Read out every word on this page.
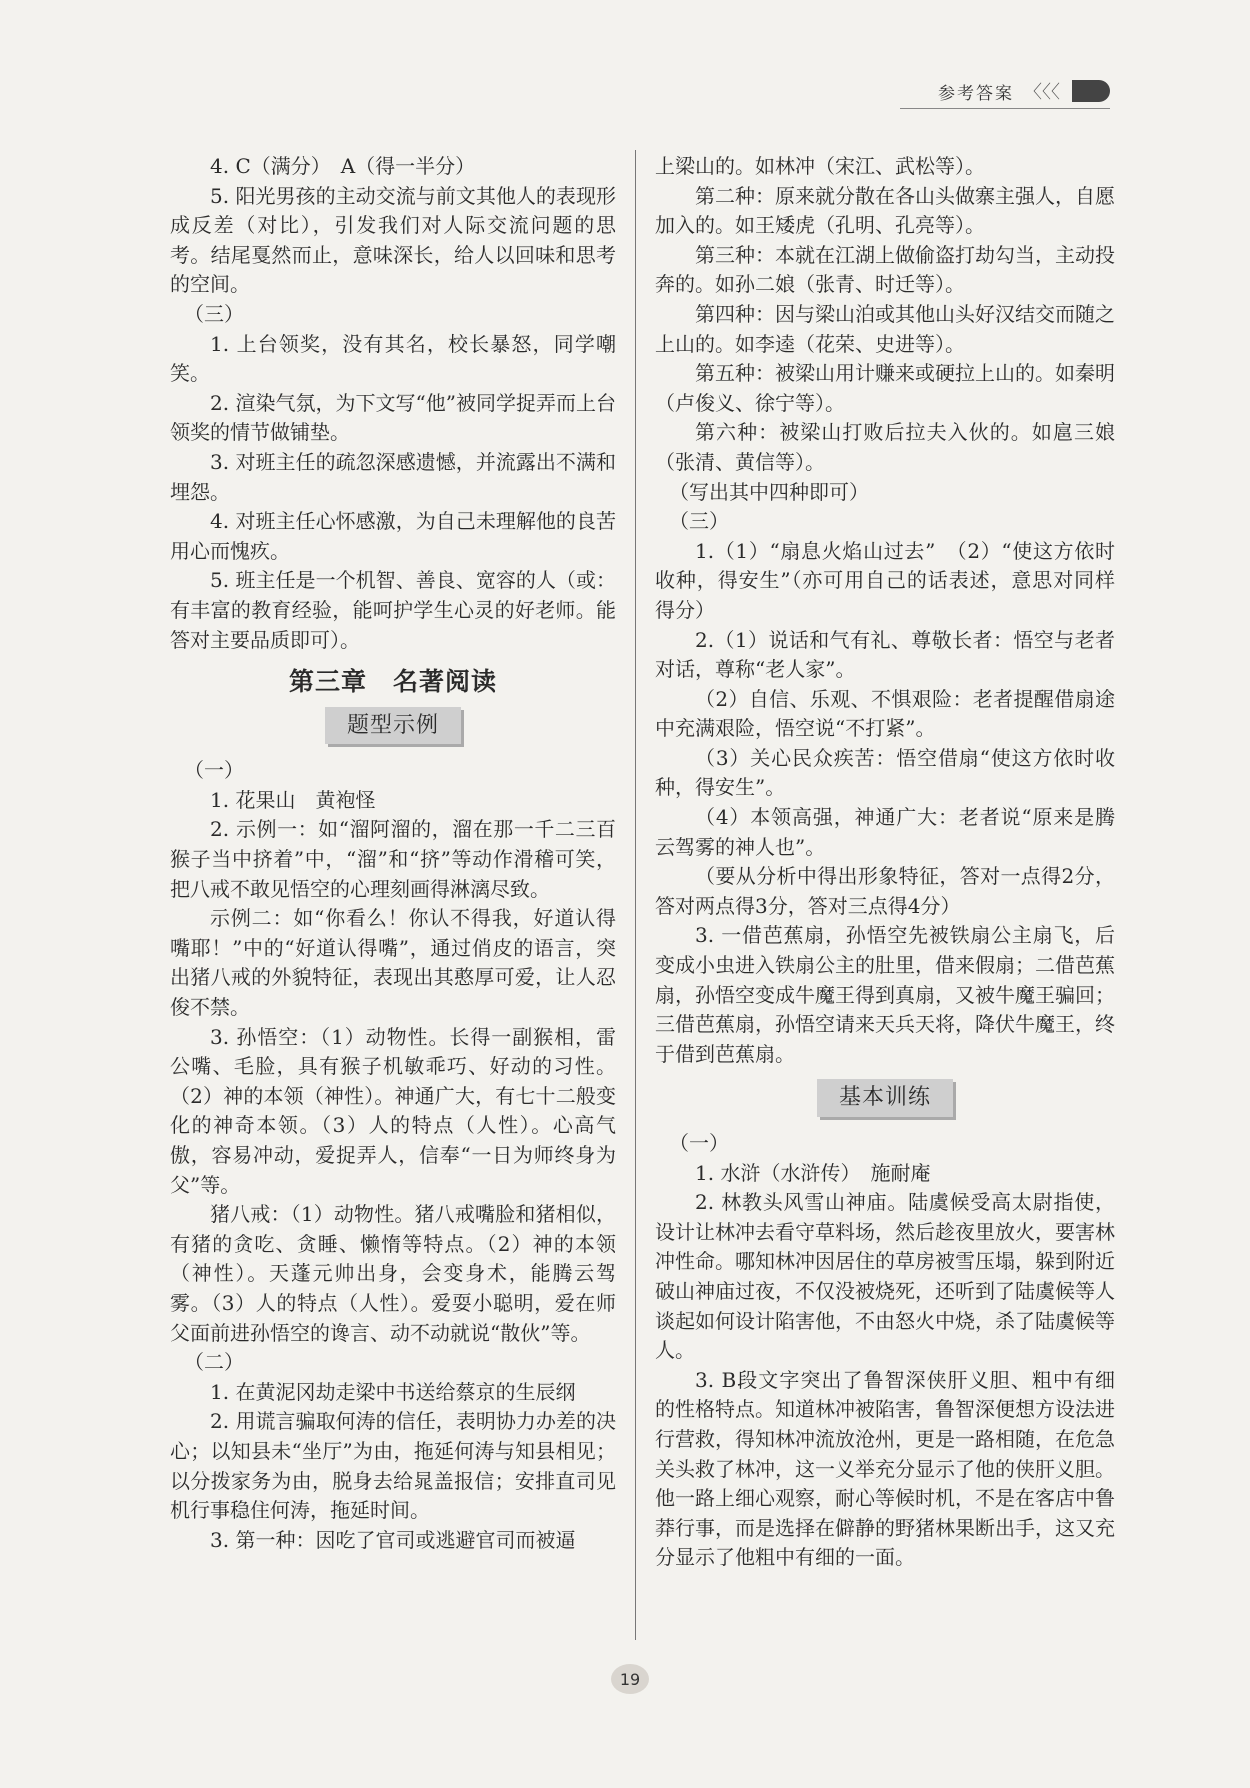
参考答案 〈〈〈

4. C（满分）　A（得一半分）

5. 阳光男孩的主动交流与前文其他人的表现形成反差（对比），引发我们对人际交流问题的思考。结尾戛然而止，意味深长，给人以回味和思考的空间。

（三）

1. 上台领奖，没有其名，校长暴怒，同学嘲笑。

2. 渲染气氛，为下文写“他”被同学捉弄而上台领奖的情节做铺垫。

3. 对班主任的疏忽深感遗憾，并流露出不满和埋怨。

4. 对班主任心怀感激，为自己未理解他的良苦用心而愧疚。

5. 班主任是一个机智、善良、宽容的人（或：有丰富的教育经验，能呵护学生心灵的好老师。能答对主要品质即可）。

第三章　名著阅读
题型示例

（一）

1. 花果山　黄袍怪

2. 示例一：如“溜阿溜的，溜在那一千二三百猴子当中挤着”中，“溜”和“挤”等动作滑稽可笑，把八戒不敢见悟空的心理刻画得淋漓尽致。

示例二：如“你看么！你认不得我，好道认得嘴耶！”中的“好道认得嘴”，通过俏皮的语言，突出猪八戒的外貌特征，表现出其憨厚可爱，让人忍俊不禁。

3. 孙悟空：（1）动物性。长得一副猴相，雷公嘴、毛脸，具有猴子机敏乖巧、好动的习性。（2）神的本领（神性）。神通广大，有七十二般变化的神奇本领。（3）人的特点（人性）。心高气傲，容易冲动，爱捉弄人，信奉“一日为师终身为父”等。

猪八戒：（1）动物性。猪八戒嘴脸和猪相似，有猪的贪吃、贪睡、懒惰等特点。（2）神的本领（神性）。天蓬元帅出身，会变身术，能腾云驾雾。（3）人的特点（人性）。爱耍小聪明，爱在师父面前进孙悟空的谗言、动不动就说“散伙”等。

（二）

1. 在黄泥冈劫走梁中书送给蔡京的生辰纲

2. 用谎言骗取何涛的信任，表明协力办差的决心；以知县未“坐厅”为由，拖延何涛与知县相见；以分拨家务为由，脱身去给晁盖报信；安排直司见机行事稳住何涛，拖延时间。

3. 第一种：因吃了官司或逃避官司而被逼

上梁山的。如林冲（宋江、武松等）。

第二种：原来就分散在各山头做寨主强人，自愿加入的。如王矮虎（孔明、孔亮等）。

第三种：本就在江湖上做偷盗打劫勾当，主动投奔的。如孙二娘（张青、时迁等）。

第四种：因与梁山泊或其他山头好汉结交而随之上山的。如李逵（花荣、史进等）。

第五种：被梁山用计赚来或硬拉上山的。如秦明（卢俊义、徐宁等）。

第六种：被梁山打败后拉夫入伙的。如扈三娘（张清、黄信等）。

（写出其中四种即可）

（三）

1.（1）“扇息火焰山过去”　（2）“使这方依时收种，得安生”（亦可用自己的话表述，意思对同样得分）

2.（1）说话和气有礼、尊敬长者：悟空与老者对话，尊称“老人家”。

（2）自信、乐观、不惧艰险：老者提醒借扇途中充满艰险，悟空说“不打紧”。

（3）关心民众疾苦：悟空借扇“使这方依时收种，得安生”。

（4）本领高强，神通广大：老者说“原来是腾云驾雾的神人也”。

（要从分析中得出形象特征，答对一点得2分，答对两点得3分，答对三点得4分）

3. 一借芭蕉扇，孙悟空先被铁扇公主扇飞，后变成小虫进入铁扇公主的肚里，借来假扇；二借芭蕉扇，孙悟空变成牛魔王得到真扇，又被牛魔王骗回；三借芭蕉扇，孙悟空请来天兵天将，降伏牛魔王，终于借到芭蕉扇。

基本训练

（一）

1. 水浒（水浒传）　施耐庵

2. 林教头风雪山神庙。陆虞候受高太尉指使，设计让林冲去看守草料场，然后趁夜里放火，要害林冲性命。哪知林冲因居住的草房被雪压塌，躲到附近破山神庙过夜，不仅没被烧死，还听到了陆虞候等人谈起如何设计陷害他，不由怒火中烧，杀了陆虞候等人。

3. B段文字突出了鲁智深侠肝义胆、粗中有细的性格特点。知道林冲被陷害，鲁智深便想方设法进行营救，得知林冲流放沧州，更是一路相随，在危急关头救了林冲，这一义举充分显示了他的侠肝义胆。他一路上细心观察，耐心等候时机，不是在客店中鲁莽行事，而是选择在僻静的野猪林果断出手，这又充分显示了他粗中有细的一面。

19
